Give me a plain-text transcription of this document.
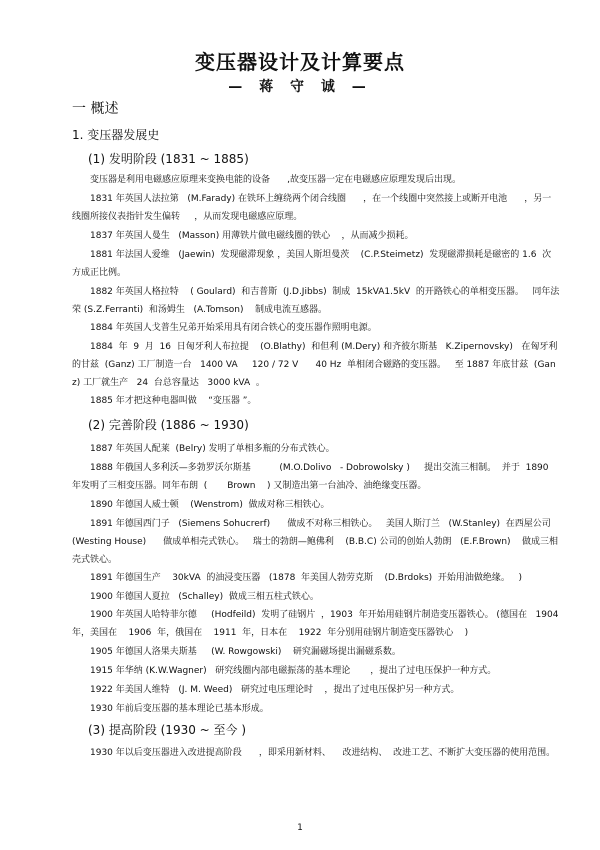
变压器设计及计算要点
— 蒋 守 诚 —
一 概述
1. 变压器发展史
(1) 发明阶段 (1831 ~ 1885)

变压器是利用电磁感应原理来变换电能的设备      ,故变压器一定在电磁感应原理发现后出现。

1831 年英国人法拉第   (M.Farady) 在铁环上缠绕两个闭合线圈      ，在一个线圈中突然接上或断开电池      ，另一线圈所接仪表指针发生偏转     ，从而发现电磁感应原理。

1837 年英国人曼生   (Masson) 用薄铁片做电磁线圈的铁心    ，从而减少损耗。

1881 年法国人爱维   (Jaewin)  发现磁滞现象 ，美国人斯坦曼茨    (C.P.Steimetz)  发现磁滞损耗是磁密的 1.6  次方成正比例。

1882 年英国人格拉特    ( Goulard)  和吉普斯  (J.D.Jibbs)  制成  15kVA1.5kV  的开路铁心的单相变压器。   同年法荣 (S.Z.Ferranti)  和汤姆生   (A.Tomson)    制成电流互感器。

1884 年英国人戈普生兄弟开始采用具有闭合铁心的变压器作照明电源。

1884  年  9  月  16  日匈牙利人布拉提    (O.Blathy)  和但利 (M.Dery) 和齐彼尔斯基   K.Zipernovsky)   在匈牙利的甘兹  (Ganz) 工厂制造一台   1400 VA     120 / 72 V      40 Hz  单相闭合磁路的变压器。   至 1887 年底甘兹  (Ganz) 工厂就生产   24  台总容量达   3000 kVA  。

1885 年才把这种电器叫做    “变压器 ”。

(2) 完善阶段 (1886 ~ 1930)

1887 年英国人配莱  (Belry) 发明了单相多瓶的分布式铁心。

1888 年俄国人多利沃—多勃罗沃尔斯基          (M.O.Dolivo   - Dobrowolsky )     提出交流三相制。  并于  1890 年发明了三相变压器。同年布朗  (       Brown    ) 又制造出第一台油冷、油绝缘变压器。

1890 年德国人威士顿    (Wenstrom)  做成对称三相铁心。

1891 年德国西门子   (Siemens Sohucrerf)      做成不对称三相铁心。   美国人斯汀兰   (W.Stanley)  在西屋公司 (Westing House)      做成单相壳式铁心。   瑞士的勃朗—鲍佛利    (B.B.C) 公司的创始人勃朗   (E.F.Brown)    做成三相壳式铁心。

1891 年德国生产    30kVA  的油浸变压器   (1878  年美国人勃劳克斯    (D.Brdoks)  开始用油做绝缘。   )

1900 年德国人夏拉   (Schalley)  做成三相五柱式铁心。

1900 年英国人哈特菲尔德     (Hodfeild)  发明了硅钢片  ，1903  年开始用硅钢片制造变压器铁心。 (德国在   1904  年，美国在    1906  年，俄国在    1911  年，日本在    1922  年分别用硅钢片制造变压器铁心    )

1905 年德国人洛果夫斯基     (W. Rowgowski)    研究漏磁场提出漏磁系数。

1915 年华纳 (K.W.Wagner)   研究线圈内部电磁振荡的基本理论       ，提出了过电压保护一种方式。

1922 年美国人维特   (J. M. Weed)   研究过电压理论时    ，提出了过电压保护另一种方式。

1930 年前后变压器的基本理论已基本形成。

(3) 提高阶段 (1930 ~ 至今 )

1930 年以后变压器进入改进提高阶段      ，即采用新材料、    改进结构、  改进工艺、不断扩大变压器的使用范围。

1
